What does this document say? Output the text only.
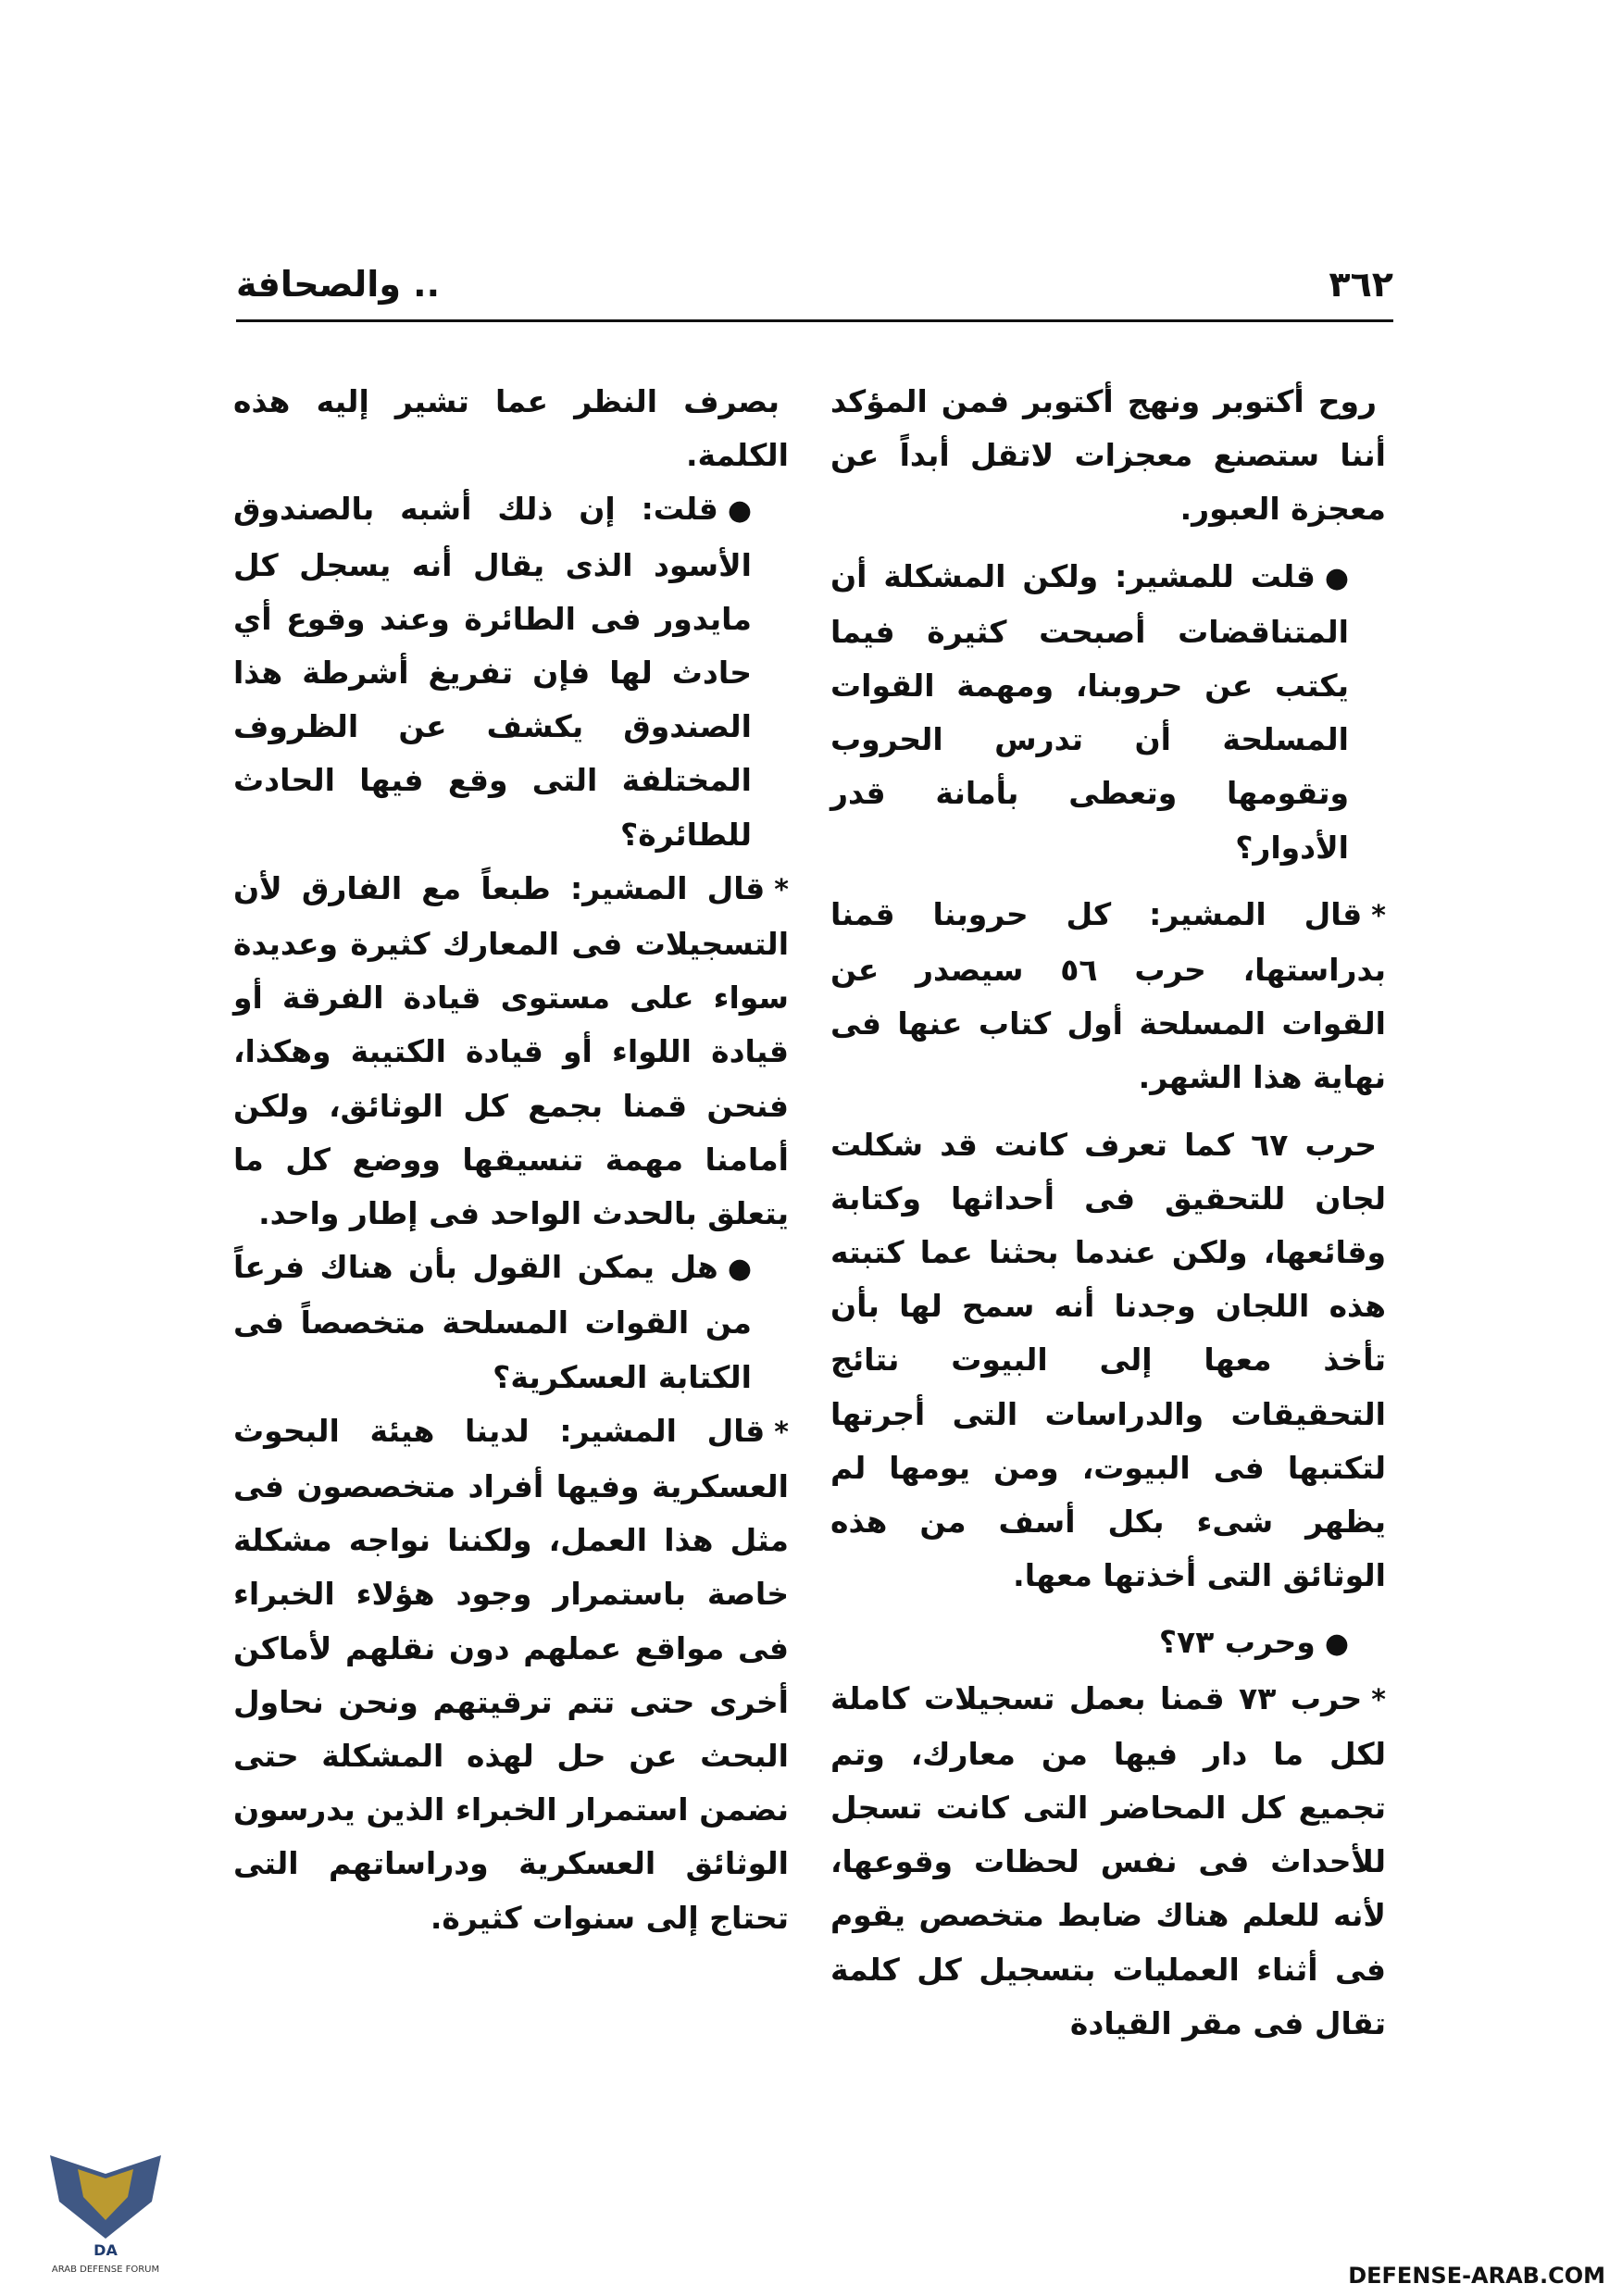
٣٦٢
.. والصحافة

روح أكتوبر ونهج أكتوبر فمن المؤكد أننا ستصنع معجزات لاتقل أبداً عن معجزة العبور.

●قلت للمشير: ولكن المشكلة أن المتناقضات أصبحت كثيرة فيما يكتب عن حروبنا، ومهمة القوات المسلحة أن تدرس الحروب وتقومها وتعطى بأمانة قدر الأدوار؟

*قال المشير: كل حروبنا قمنا بدراستها، حرب ٥٦ سيصدر عن القوات المسلحة أول كتاب عنها فى نهاية هذا الشهر.

حرب ٦٧ كما تعرف كانت قد شكلت لجان للتحقيق فى أحداثها وكتابة وقائعها، ولكن عندما بحثنا عما كتبته هذه اللجان وجدنا أنه سمح لها بأن تأخذ معها إلى البيوت نتائج التحقيقات والدراسات التى أجرتها لتكتبها فى البيوت، ومن يومها لم يظهر شىء بكل أسف من هذه الوثائق التى أخذتها معها.

●وحرب ٧٣؟

*حرب ٧٣ قمنا بعمل تسجيلات كاملة لكل ما دار فيها من معارك، وتم تجميع كل المحاضر التى كانت تسجل للأحداث فى نفس لحظات وقوعها، لأنه للعلم هناك ضابط متخصص يقوم فى أثناء العمليات بتسجيل كل كلمة تقال فى مقر القيادة

بصرف النظر عما تشير إليه هذه الكلمة.

●قلت: إن ذلك أشبه بالصندوق الأسود الذى يقال أنه يسجل كل مايدور فى الطائرة وعند وقوع أي حادث لها فإن تفريغ أشرطة هذا الصندوق يكشف عن الظروف المختلفة التى وقع فيها الحادث للطائرة؟

*قال المشير: طبعاً مع الفارق لأن التسجيلات فى المعارك كثيرة وعديدة سواء على مستوى قيادة الفرقة أو قيادة اللواء أو قيادة الكتيبة وهكذا، فنحن قمنا بجمع كل الوثائق، ولكن أمامنا مهمة تنسيقها ووضع كل ما يتعلق بالحدث الواحد فى إطار واحد.

●هل يمكن القول بأن هناك فرعاً من القوات المسلحة متخصصاً فى الكتابة العسكرية؟

*قال المشير: لدينا هيئة البحوث العسكرية وفيها أفراد متخصصون فى مثل هذا العمل، ولكننا نواجه مشكلة خاصة باستمرار وجود هؤلاء الخبراء فى مواقع عملهم دون نقلهم لأماكن أخرى حتى تتم ترقيتهم ونحن نحاول البحث عن حل لهذه المشكلة حتى نضمن استمرار الخبراء الذين يدرسون الوثائق العسكرية ودراساتهم التى تحتاج إلى سنوات كثيرة.

DA
ARAB DEFENSE FORUM	DEFENSE-ARAB.COM
